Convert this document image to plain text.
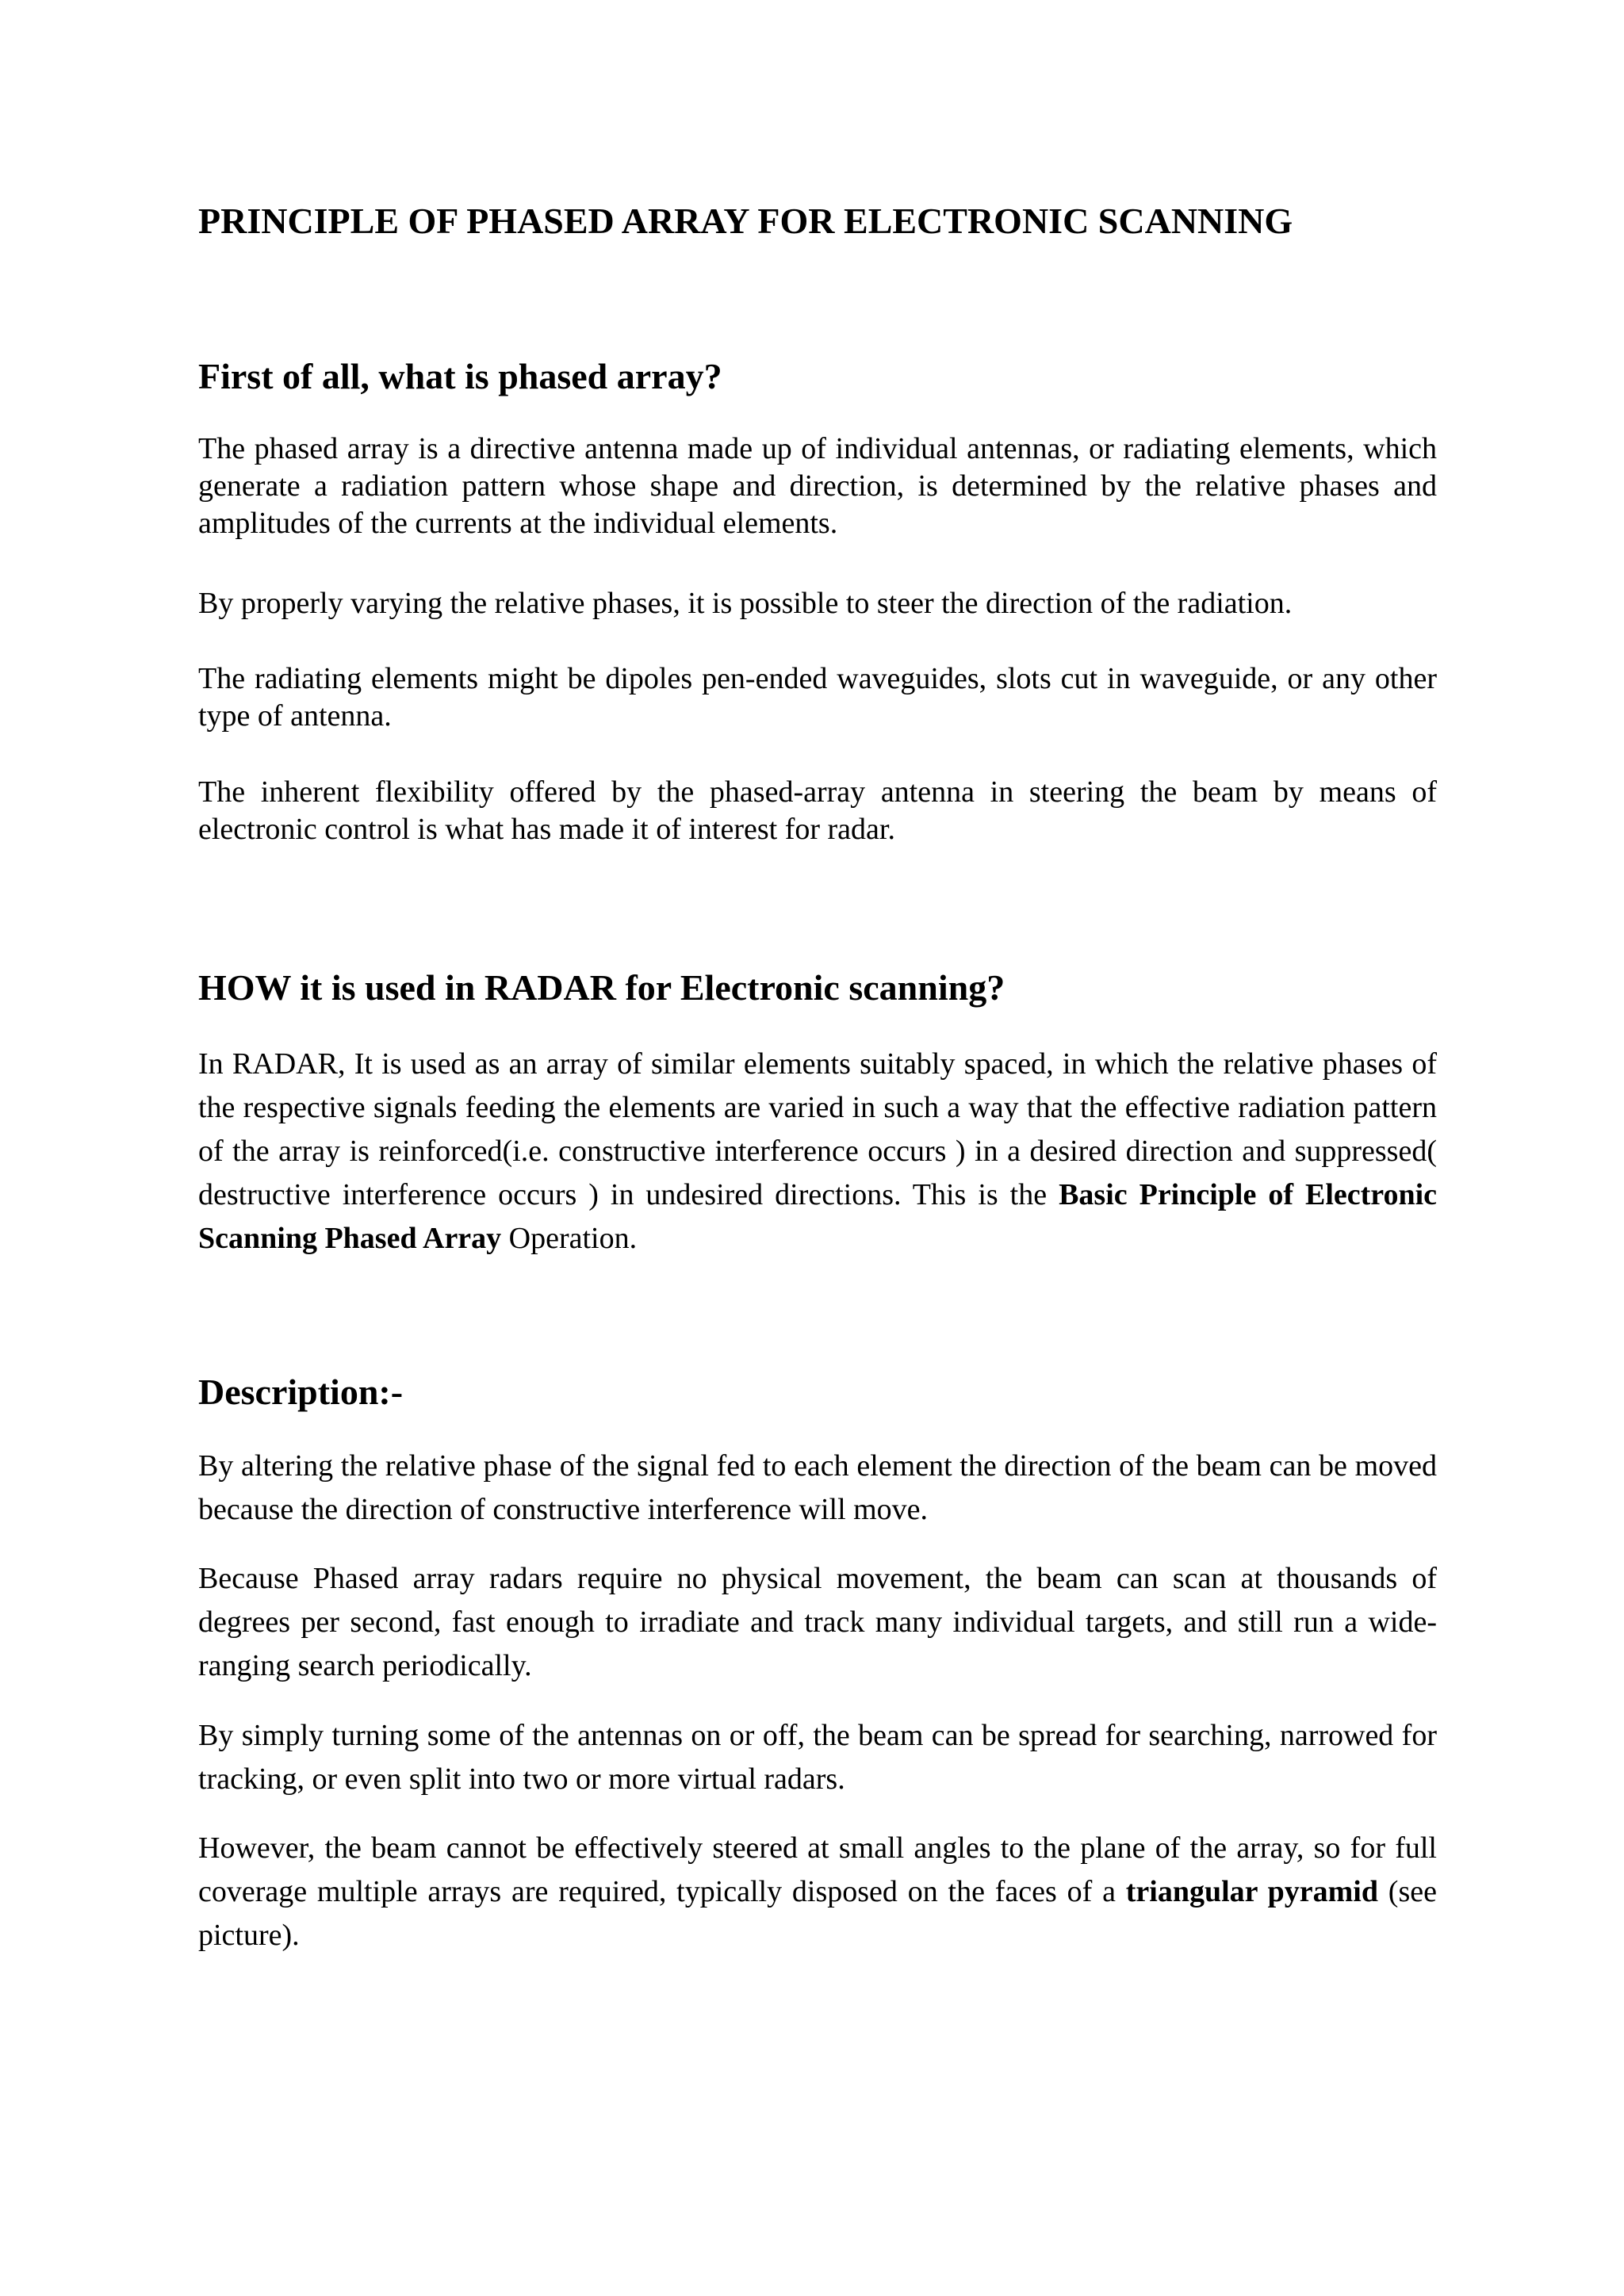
PRINCIPLE OF PHASED ARRAY FOR ELECTRONIC SCANNING
First of all, what is phased array?

The phased array is a directive antenna made up of individual antennas, or radiating elements, which generate a radiation pattern whose shape and direction, is determined by the relative phases and amplitudes of the currents at the individual elements.

By properly varying the relative phases, it is possible to steer the direction of the radiation.

The radiating elements might be dipoles pen-ended waveguides, slots cut in waveguide, or any other type of antenna.

The inherent flexibility offered by the phased-array antenna in steering the beam by means of electronic control is what has made it of interest for radar.

HOW it is used in RADAR for Electronic scanning?

In RADAR, It is used as an array of similar elements suitably spaced, in which the relative phases of the respective signals feeding the elements are varied in such a way that the effective radiation pattern of the array is reinforced(i.e. constructive interference occurs ) in a desired direction and suppressed( destructive interference occurs ) in undesired directions. This is the Basic Principle of Electronic Scanning Phased Array Operation.

Description:-

By altering the relative phase of the signal fed to each element the direction of the beam can be moved because the direction of constructive interference will move.

Because Phased array radars require no physical movement, the beam can scan at thousands of degrees per second, fast enough to irradiate and track many individual targets, and still run a wide-ranging search periodically.

By simply turning some of the antennas on or off, the beam can be spread for searching, narrowed for tracking, or even split into two or more virtual radars.

However, the beam cannot be effectively steered at small angles to the plane of the array, so for full coverage multiple arrays are required, typically disposed on the faces of a triangular pyramid (see picture).
